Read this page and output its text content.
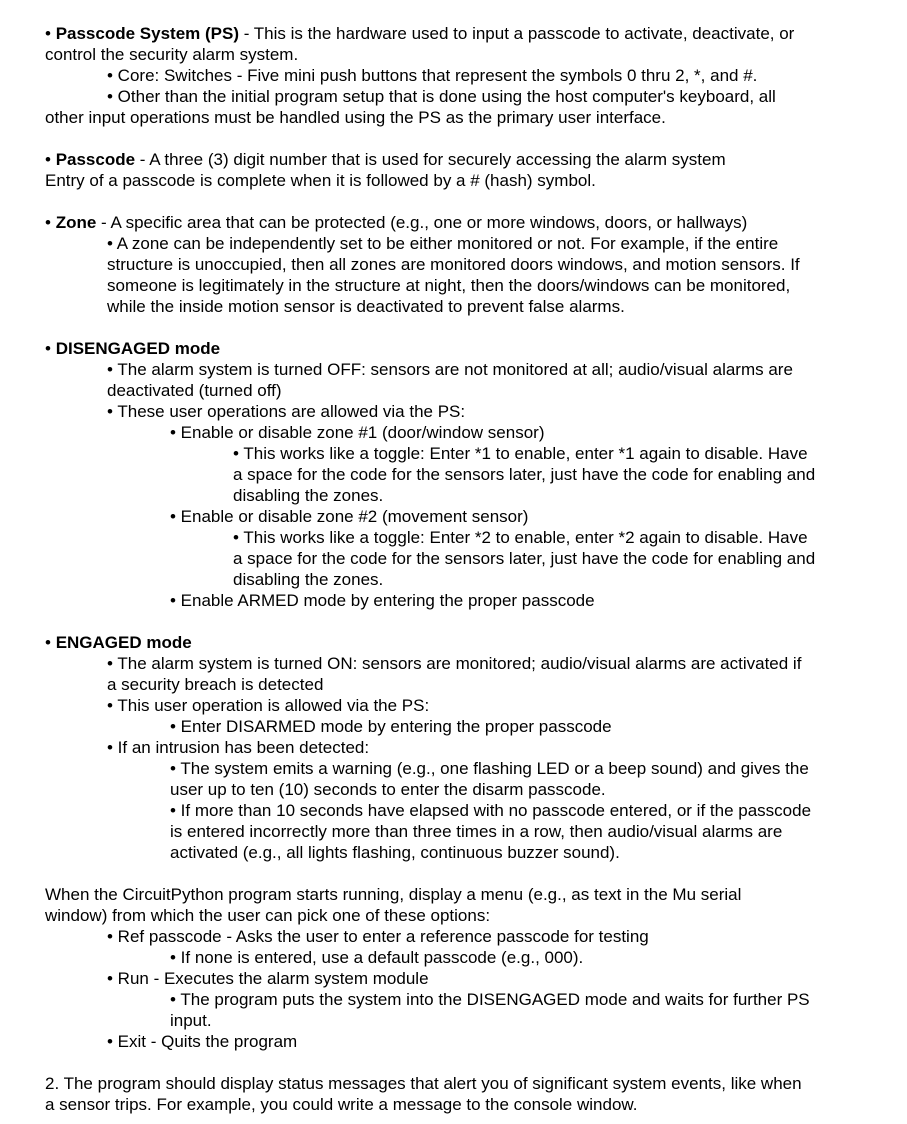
• Passcode System (PS) - This is the hardware used to input a passcode to activate, deactivate, or

control the security alarm system.

• Core: Switches - Five mini push buttons that represent the symbols 0 thru 2, *, and #.

• Other than the initial program setup that is done using the host computer's keyboard, all

other input operations must be handled using the PS as the primary user interface.

• Passcode - A three (3) digit number that is used for securely accessing the alarm system

Entry of a passcode is complete when it is followed by a # (hash) symbol.

• Zone - A specific area that can be protected (e.g., one or more windows, doors, or hallways)

• A zone can be independently set to be either monitored or not. For example, if the entire

structure is unoccupied, then all zones are monitored doors windows, and motion sensors. If

someone is legitimately in the structure at night, then the doors/windows can be monitored,

while the inside motion sensor is deactivated to prevent false alarms.

• DISENGAGED mode

• The alarm system is turned OFF: sensors are not monitored at all; audio/visual alarms are

deactivated (turned off)

• These user operations are allowed via the PS:

• Enable or disable zone #1 (door/window sensor)

• This works like a toggle: Enter *1 to enable, enter *1 again to disable. Have

a space for the code for the sensors later, just have the code for enabling and

disabling the zones.

• Enable or disable zone #2 (movement sensor)

• This works like a toggle: Enter *2 to enable, enter *2 again to disable. Have

a space for the code for the sensors later, just have the code for enabling and

disabling the zones.

• Enable ARMED mode by entering the proper passcode

• ENGAGED mode

• The alarm system is turned ON: sensors are monitored; audio/visual alarms are activated if

a security breach is detected

• This user operation is allowed via the PS:

• Enter DISARMED mode by entering the proper passcode

• If an intrusion has been detected:

• The system emits a warning (e.g., one flashing LED or a beep sound) and gives the

user up to ten (10) seconds to enter the disarm passcode.

• If more than 10 seconds have elapsed with no passcode entered, or if the passcode

is entered incorrectly more than three times in a row, then audio/visual alarms are

activated (e.g., all lights flashing, continuous buzzer sound).

When the CircuitPython program starts running, display a menu (e.g., as text in the Mu serial

window) from which the user can pick one of these options:

• Ref passcode - Asks the user to enter a reference passcode for testing

• If none is entered, use a default passcode (e.g., 000).

• Run - Executes the alarm system module

• The program puts the system into the DISENGAGED mode and waits for further PS

input.

• Exit - Quits the program

2. The program should display status messages that alert you of significant system events, like when

a sensor trips. For example, you could write a message to the console window.
